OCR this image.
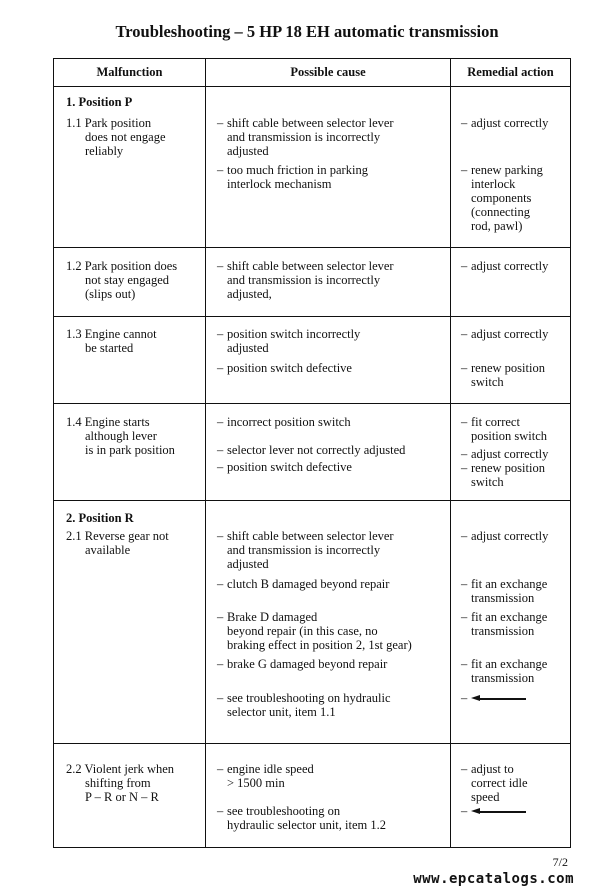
Troubleshooting – 5 HP 18 EH automatic transmission
Malfunction	Possible cause	Remedial action
1. Position P
1.1 Park position
does not engage
reliably
– shift cable between selector lever
and transmission is incorrectly
adjusted
– too much friction in parking
interlock mechanism
– adjust correctly
– renew parking
interlock
components
(connecting
rod, pawl)
1.2 Park position does
not stay engaged
(slips out)
– shift cable between selector lever
and transmission is incorrectly
adjusted,
– adjust correctly
1.3 Engine cannot
be started
– position switch incorrectly
adjusted
– position switch defective
– adjust correctly
– renew position
switch
1.4 Engine starts
although lever
is in park position
– incorrect position switch
– selector lever not correctly adjusted
– position switch defective
– fit correct
position switch
– adjust correctly
– renew position
switch
2. Position R
2.1 Reverse gear not
available
– shift cable between selector lever
and transmission is incorrectly
adjusted
– clutch B damaged beyond repair
– Brake D damaged
beyond repair (in this case, no
braking effect in position 2, 1st gear)
– brake G damaged beyond repair
– see troubleshooting on hydraulic
selector unit, item 1.1
– adjust correctly
– fit an exchange
transmission
– fit an exchange
transmission
– fit an exchange
transmission
–
2.2 Violent jerk when
shifting from
P – R or N – R
– engine idle speed
> 1500 min
– see troubleshooting on
hydraulic selector unit, item 1.2
– adjust to
correct idle
speed
–
7/2
www.epcatalogs.com
